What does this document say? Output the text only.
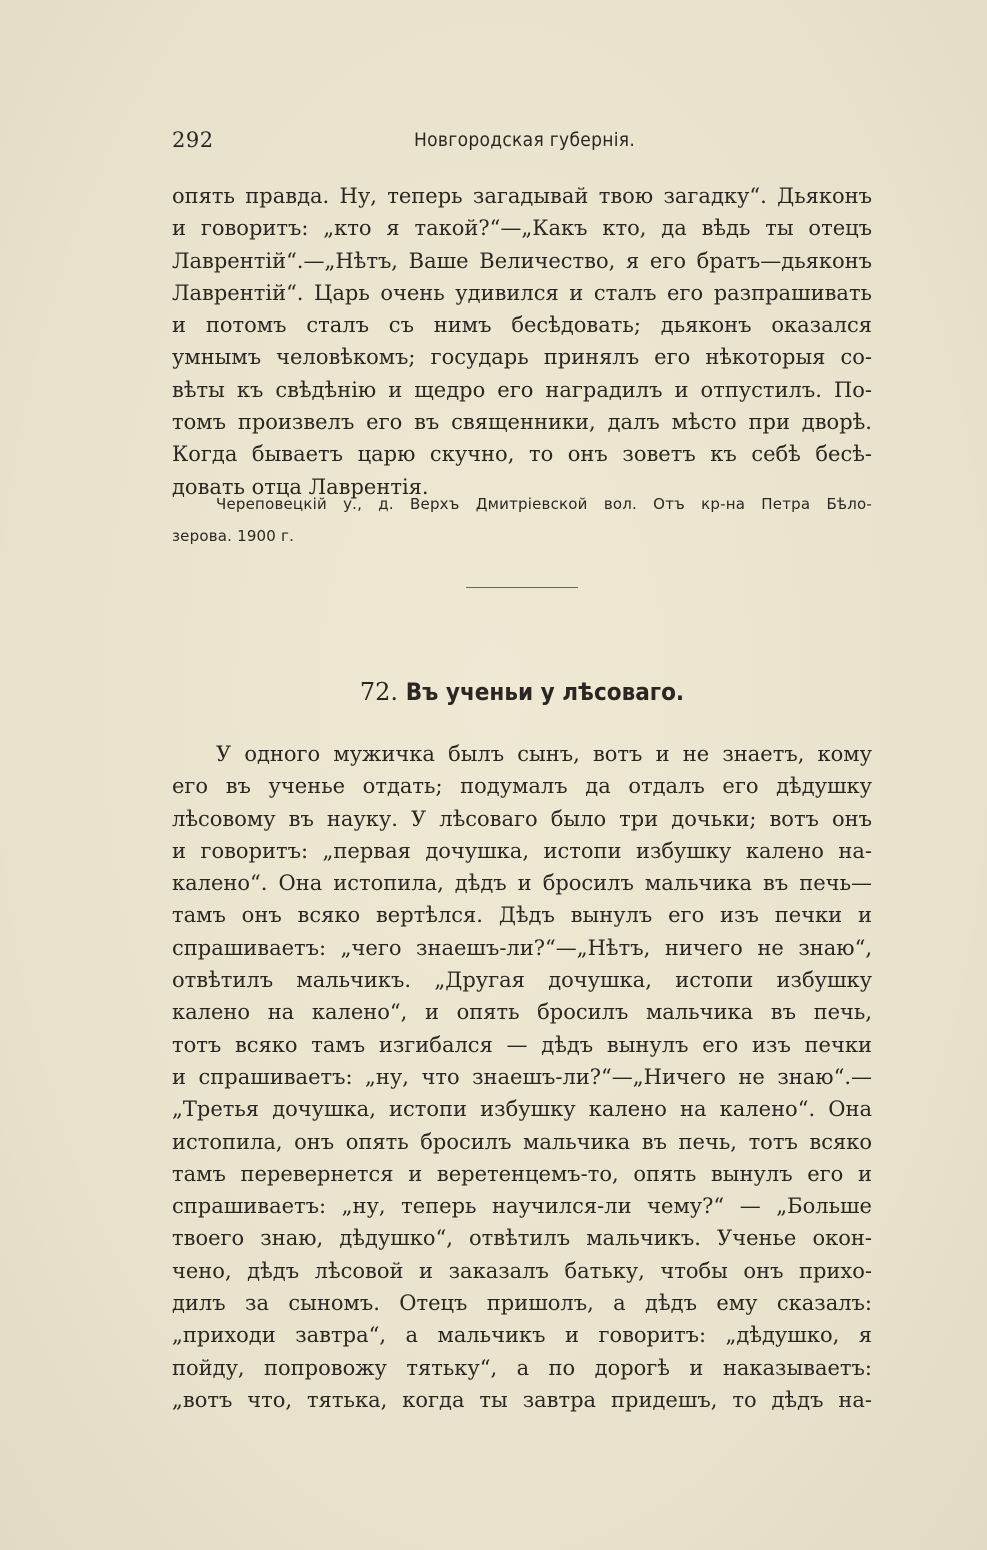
292	Новгородская губернія.
опять правда. Ну, теперь загадывай твою загадку“. Дьяконъ
и говоритъ: „кто я такой?“—„Какъ кто, да вѣдь ты отецъ
Лаврентій“.—„Нѣтъ, Ваше Величество, я его братъ—дьяконъ
Лаврентій“. Царь очень удивился и сталъ его разпрашивать
и потомъ сталъ съ нимъ бесѣдовать; дьяконъ оказался
умнымъ человѣкомъ; государь принялъ его нѣкоторыя со-
вѣты къ свѣдѣнію и щедро его наградилъ и отпустилъ. По-
томъ произвелъ его въ священники, далъ мѣсто при дворѣ.
Когда бываетъ царю скучно, то онъ зоветъ къ себѣ бесѣ-
довать отца Лаврентія.
Череповецкій у., д. Верхъ Дмитріевской вол. Отъ кр-на Петра Бѣло-
зерова. 1900 г.
72. Въ ученьи у лѣсоваго.
У одного мужичка былъ сынъ, вотъ и не знаетъ, кому
его въ ученье отдать; подумалъ да отдалъ его дѣдушку
лѣсовому въ науку. У лѣсоваго было три дочьки; вотъ онъ
и говоритъ: „первая дочушка, истопи избушку калено на-
калено“. Она истопила, дѣдъ и бросилъ мальчика въ печь—
тамъ онъ всяко вертѣлся. Дѣдъ вынулъ его изъ печки и
спрашиваетъ: „чего знаешъ-ли?“—„Нѣтъ, ничего не знаю“,
отвѣтилъ мальчикъ. „Другая дочушка, истопи избушку
калено на калено“, и опять бросилъ мальчика въ печь,
тотъ всяко тамъ изгибался — дѣдъ вынулъ его изъ печки
и спрашиваетъ: „ну, что знаешъ-ли?“—„Ничего не знаю“.—
„Третья дочушка, истопи избушку калено на калено“. Она
истопила, онъ опять бросилъ мальчика въ печь, тотъ всяко
тамъ перевернется и веретенцемъ-то, опять вынулъ его и
спрашиваетъ: „ну, теперь научился-ли чему?“ — „Больше
твоего знаю, дѣдушко“, отвѣтилъ мальчикъ. Ученье окон-
чено, дѣдъ лѣсовой и заказалъ батьку, чтобы онъ прихо-
дилъ за сыномъ. Отецъ пришолъ, а дѣдъ ему сказалъ:
„приходи завтра“, а мальчикъ и говоритъ: „дѣдушко, я
пойду, попровожу тятьку“, а по дорогѣ и наказываетъ:
„вотъ что, тятька, когда ты завтра придешъ, то дѣдъ на-
